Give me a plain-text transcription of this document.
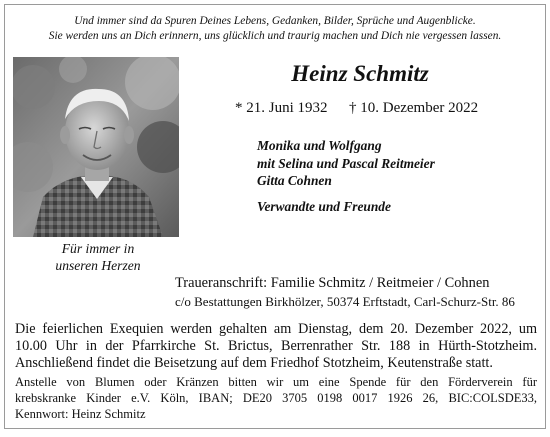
Und immer sind da Spuren Deines Lebens, Gedanken, Bilder, Sprüche und Augenblicke.
Sie werden uns an Dich erinnern, uns glücklich und traurig machen und Dich nie vergessen lassen.
Heinz Schmitz
* 21. Juni 1932 † 10. Dezember 2022
Monika und Wolfgang
mit Selina und Pascal Reitmeier
Gitta Cohnen
Verwandte und Freunde
Für immer in
unseren Herzen
Traueranschrift: Familie Schmitz / Reitmeier / Cohnen
c/o Bestattungen Birkhölzer, 50374 Erftstadt, Carl-Schurz-Str. 86
Die feierlichen Exequien werden gehalten am Dienstag, dem 20. Dezember 2022, um
10.00 Uhr in der Pfarrkirche St. Brictus, Berrenrather Str. 188 in Hürth-Stotzheim.
Anschließend findet die Beisetzung auf dem Friedhof Stotzheim, Keutenstraße statt.
Anstelle von Blumen oder Kränzen bitten wir um eine Spende für den Förderverein für
krebskranke Kinder e.V. Köln, IBAN; DE20 3705 0198 0017 1926 26, BIC:COLSDE33,
Kennwort: Heinz Schmitz
